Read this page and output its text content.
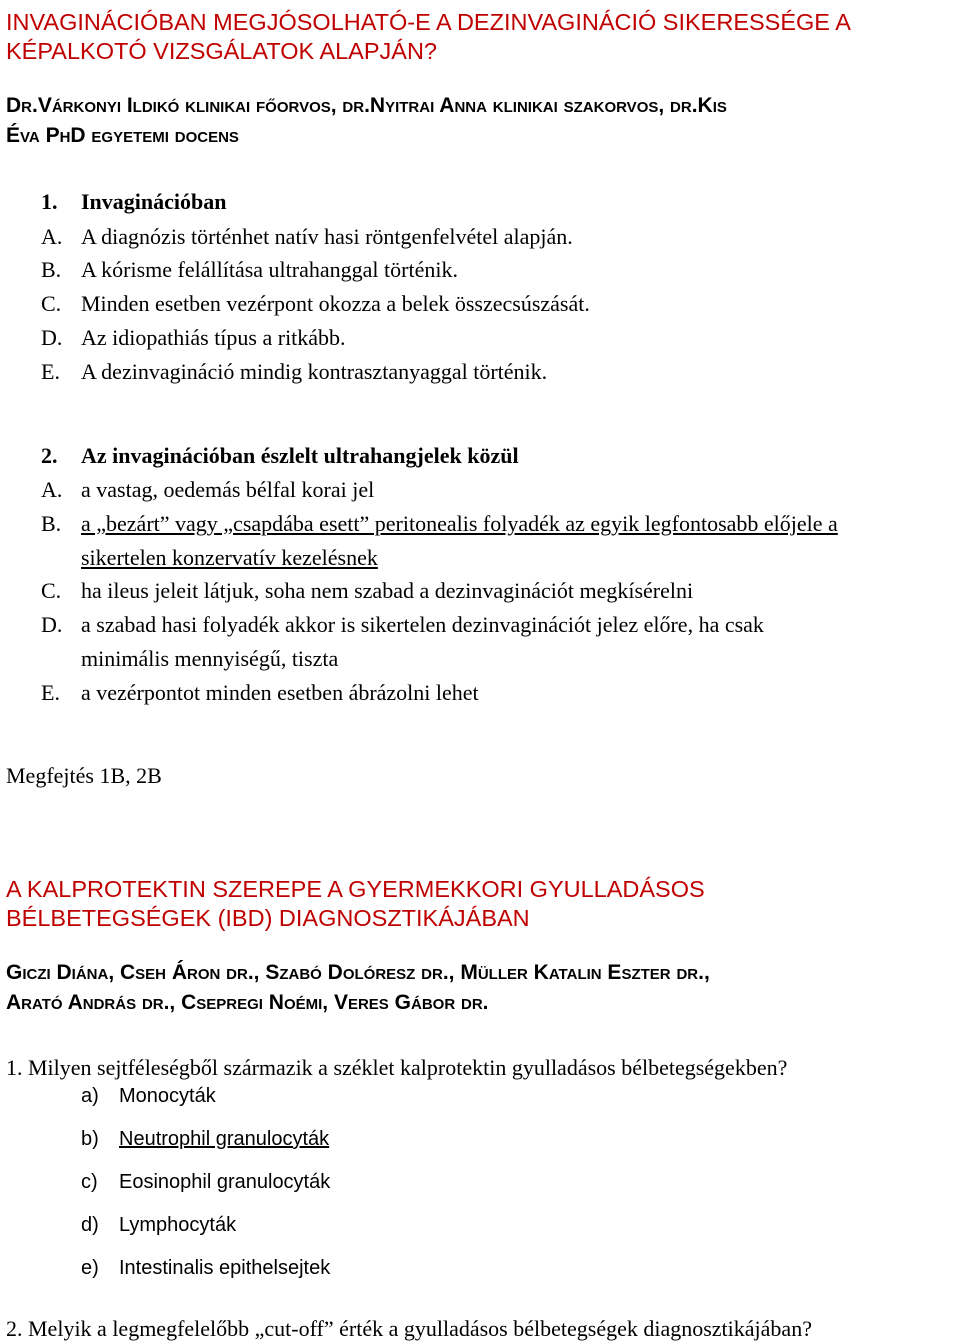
INVAGINÁCIÓBAN MEGJÓSOLHATÓ-E A DEZINVAGINÁCIÓ SIKERESSÉGE A
KÉPALKOTÓ VIZSGÁLATOK ALAPJÁN?
Dr.Várkonyi Ildikó klinikai főorvos, dr.Nyitrai Anna klinikai szakorvos, dr.Kis
Éva PhD egyetemi docens
1. Invaginációban
A. A diagnózis történhet natív hasi röntgenfelvétel alapján.
B. A kórisme felállítása ultrahanggal történik.
C. Minden esetben vezérpont okozza a belek összecsúszását.
D. Az idiopathiás típus a ritkább.
E. A dezinvagináció mindig kontrasztanyaggal történik.
2. Az invaginációban észlelt ultrahangjelek közül
A. a vastag, oedemás bélfal korai jel
B. a „bezárt” vagy „csapdába esett” peritonealis folyadék az egyik legfontosabb előjele a
sikertelen konzervatív kezelésnek
C. ha ileus jeleit látjuk, soha nem szabad a dezinvaginációt megkísérelni
D. a szabad hasi folyadék akkor is sikertelen dezinvaginációt jelez előre, ha csak
minimális mennyiségű, tiszta
E. a vezérpontot minden esetben ábrázolni lehet
Megfejtés 1B, 2B
A KALPROTEKTIN SZEREPE A GYERMEKKORI GYULLADÁSOS
BÉLBETEGSÉGEK (IBD) DIAGNOSZTIKÁJÁBAN
Giczi Diána, Cseh Áron dr., Szabó Dolóresz dr., Müller Katalin Eszter dr.,
Arató András dr., Csepregi Noémi, Veres Gábor dr.
1. Milyen sejtféleségből származik a széklet kalprotektin gyulladásos bélbetegségekben?
a) Monocyták
b) Neutrophil granulocyták
c) Eosinophil granulocyták
d) Lymphocyták
e) Intestinalis epithelsejtek
2. Melyik a legmegfelelőbb „cut-off” érték a gyulladásos bélbetegségek diagnosztikájában?
